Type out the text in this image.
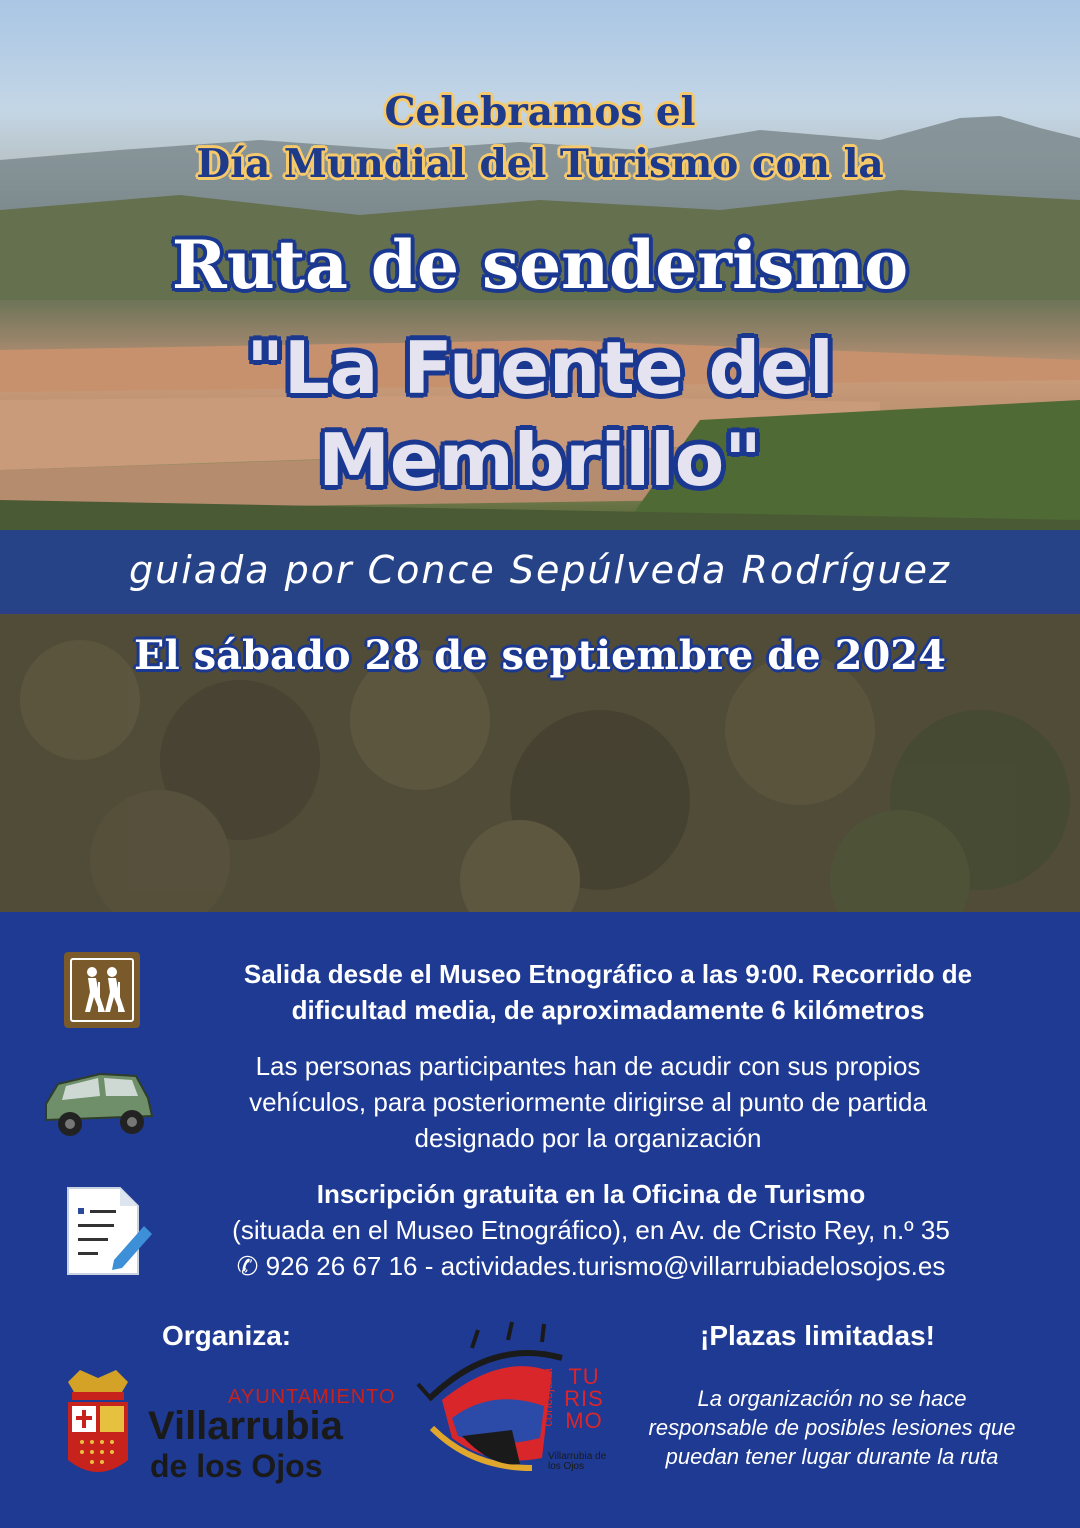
Celebramos el
Día Mundial del Turismo con la
Ruta de senderismo
"La Fuente del
Membrillo"
guiada por Conce Sepúlveda Rodríguez
El sábado 28 de septiembre de 2024
Salida desde el Museo Etnográfico a las 9:00. Recorrido de
dificultad media, de aproximadamente 6 kilómetros
Las personas participantes han de acudir con sus propios
vehículos, para posteriormente dirigirse al punto de partida
designado por la organización
Inscripción gratuita en la Oficina de Turismo
(situada en el Museo Etnográfico), en Av. de Cristo Rey, n.º 35
✆ 926 26 67 16 - actividades.turismo@villarrubiadelosojos.es
Organiza:	¡Plazas limitadas!
La organización no se hace
responsable de posibles lesiones que
puedan tener lugar durante la ruta
AYUNTAMIENTO
Villarrubia
de los Ojos
concejalía TU RIS MO
Villarrubia de los Ojos
